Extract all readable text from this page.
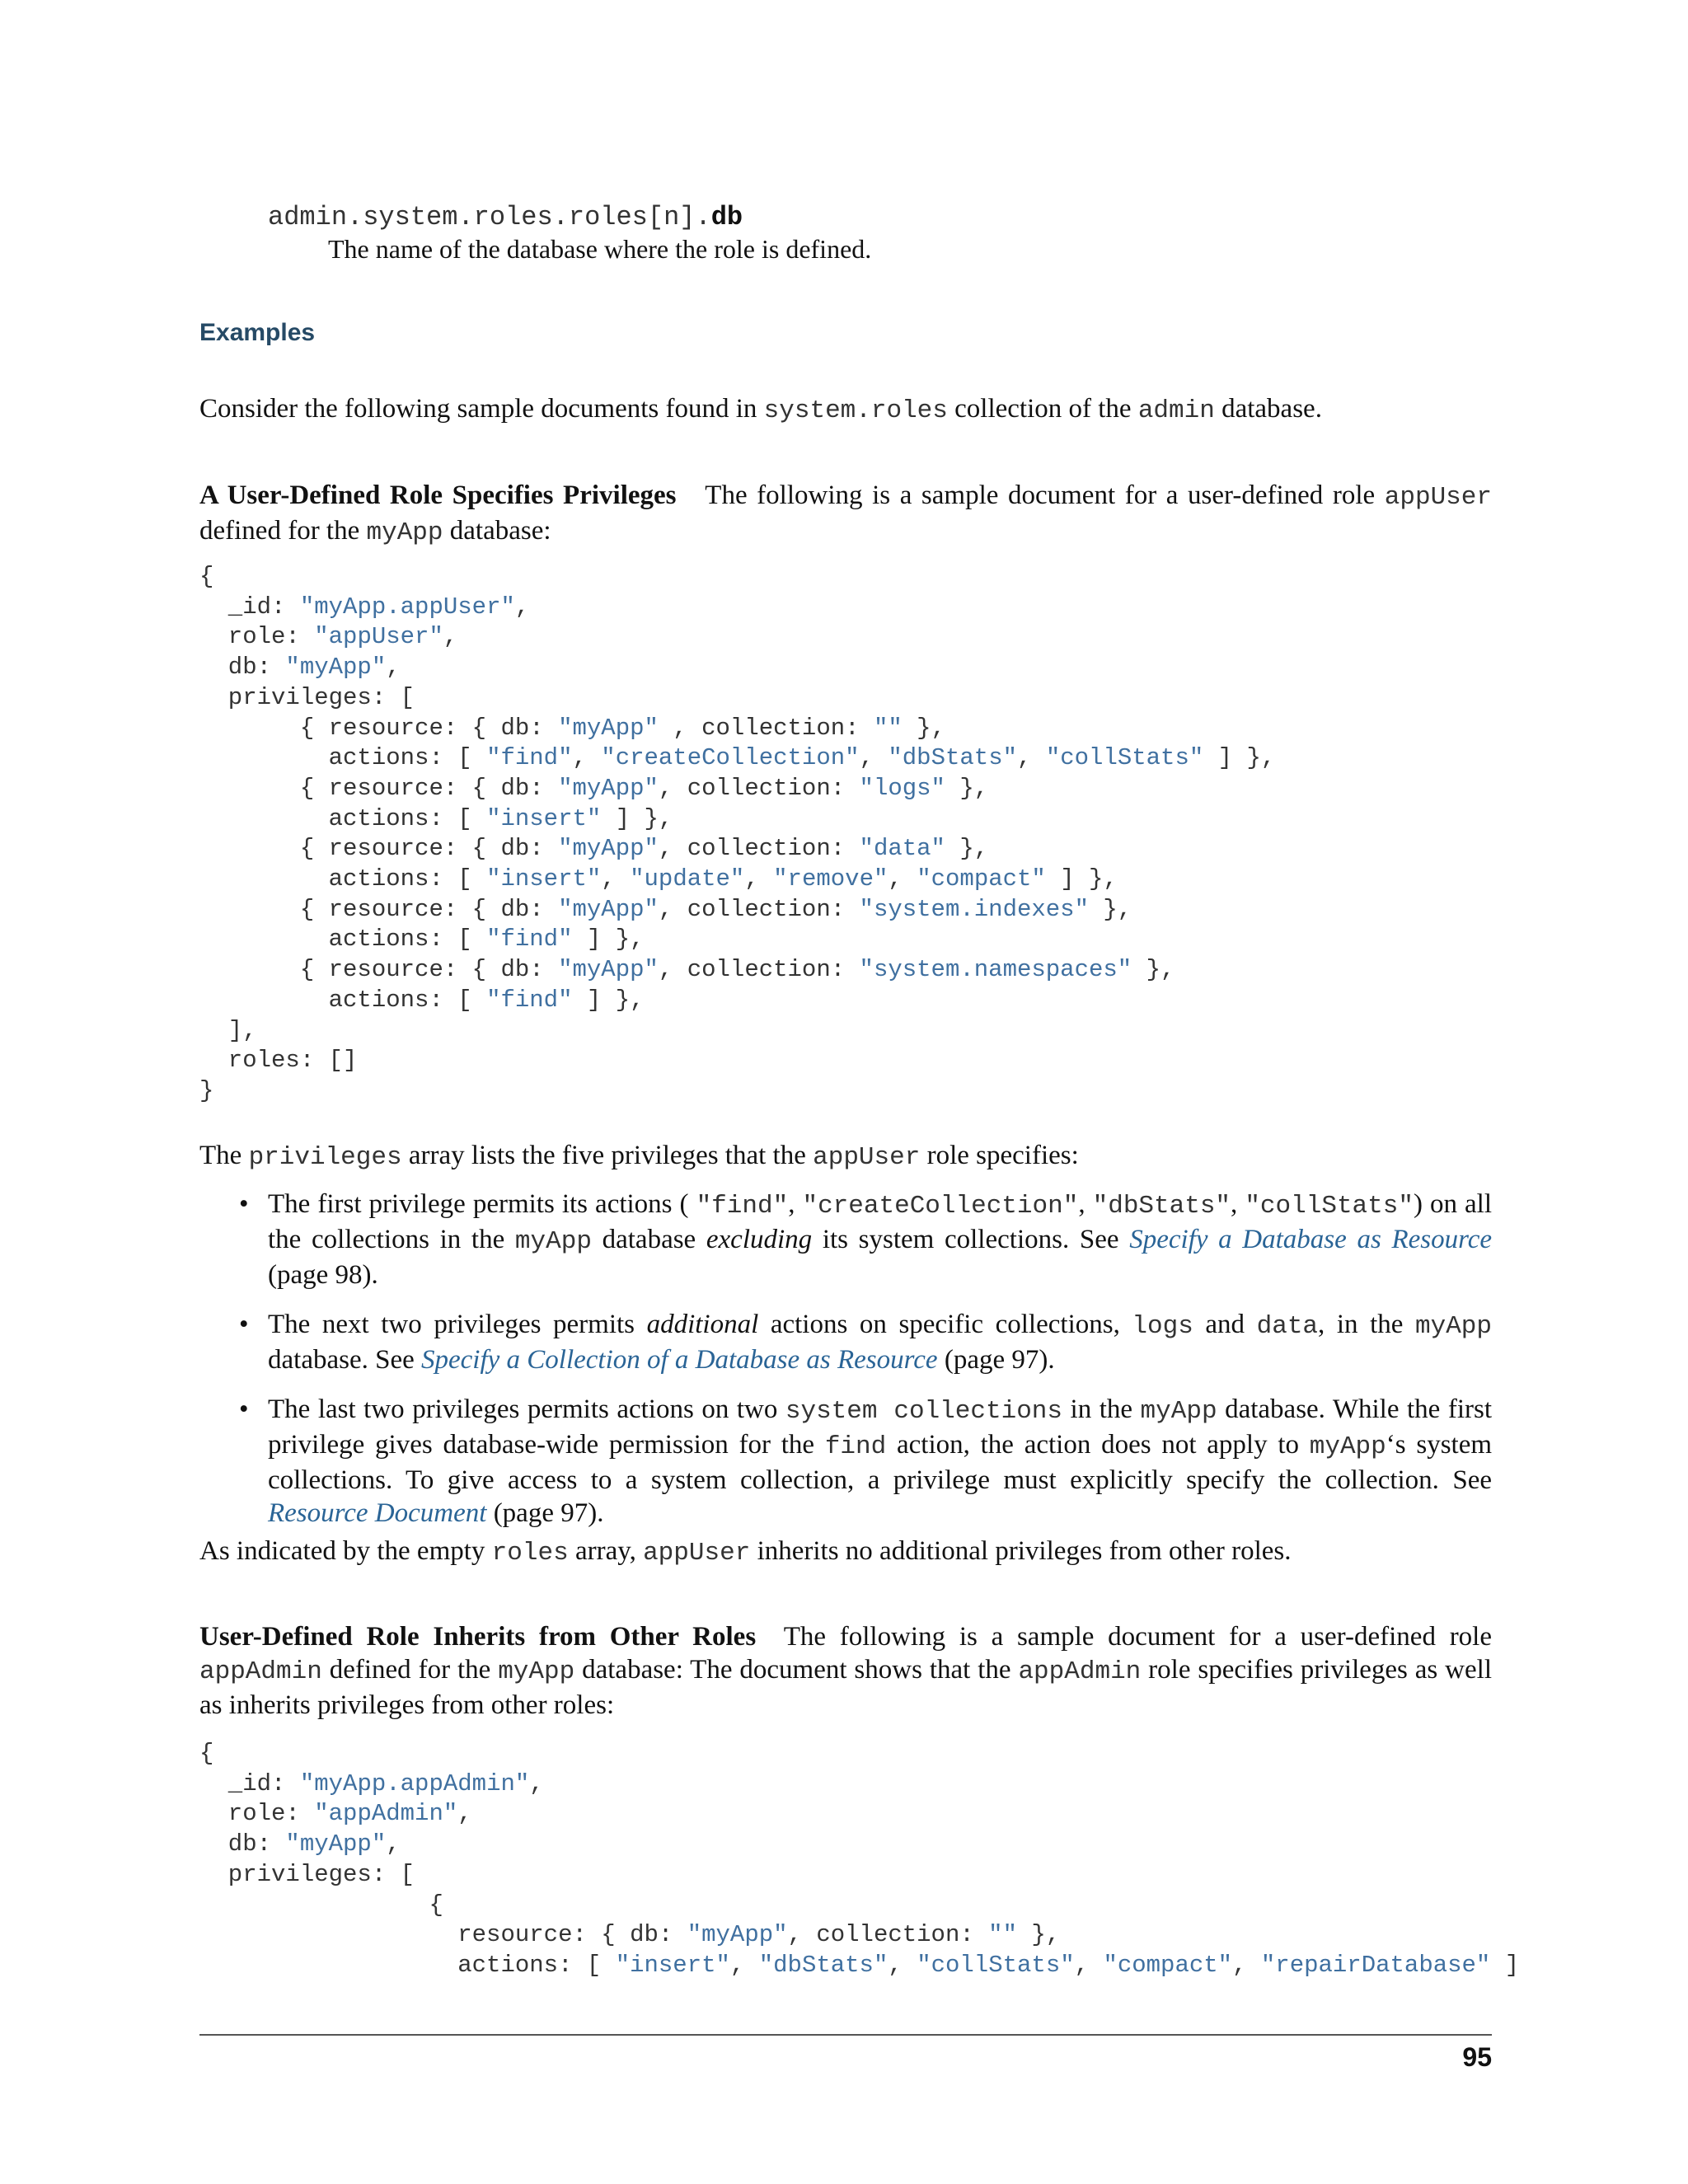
admin.system.roles.roles[n].db
The name of the database where the role is defined.
Examples
Consider the following sample documents found in system.roles collection of the admin database.
A User-Defined Role Specifies Privileges The following is a sample document for a user-defined role appUser defined for the myApp database:
{
_id: "myApp.appUser",
role: "appUser",
db: "myApp",
privileges: [
{ resource: { db: "myApp" , collection: "" },
actions: [ "find", "createCollection", "dbStats", "collStats" ] },
{ resource: { db: "myApp", collection: "logs" },
actions: [ "insert" ] },
{ resource: { db: "myApp", collection: "data" },
actions: [ "insert", "update", "remove", "compact" ] },
{ resource: { db: "myApp", collection: "system.indexes" },
actions: [ "find" ] },
{ resource: { db: "myApp", collection: "system.namespaces" },
actions: [ "find" ] },
],
roles: []
}
The privileges array lists the five privileges that the appUser role specifies:
• The first privilege permits its actions ( "find", "createCollection", "dbStats", "collStats") on all the collections in the myApp database excluding its system collections. See Specify a Database as Resource (page 98).
• The next two privileges permits additional actions on specific collections, logs and data, in the myApp database. See Specify a Collection of a Database as Resource (page 97).
• The last two privileges permits actions on two system collections in the myApp database. While the first privilege gives database-wide permission for the find action, the action does not apply to myApp‘s system collections. To give access to a system collection, a privilege must explicitly specify the collection. See Resource Document (page 97).
As indicated by the empty roles array, appUser inherits no additional privileges from other roles.
User-Defined Role Inherits from Other Roles The following is a sample document for a user-defined role appAdmin defined for the myApp database: The document shows that the appAdmin role specifies privileges as well as inherits privileges from other roles:
{
_id: "myApp.appAdmin",
role: "appAdmin",
db: "myApp",
privileges: [
{
resource: { db: "myApp", collection: "" },
actions: [ "insert", "dbStats", "collStats", "compact", "repairDatabase" ]
95
